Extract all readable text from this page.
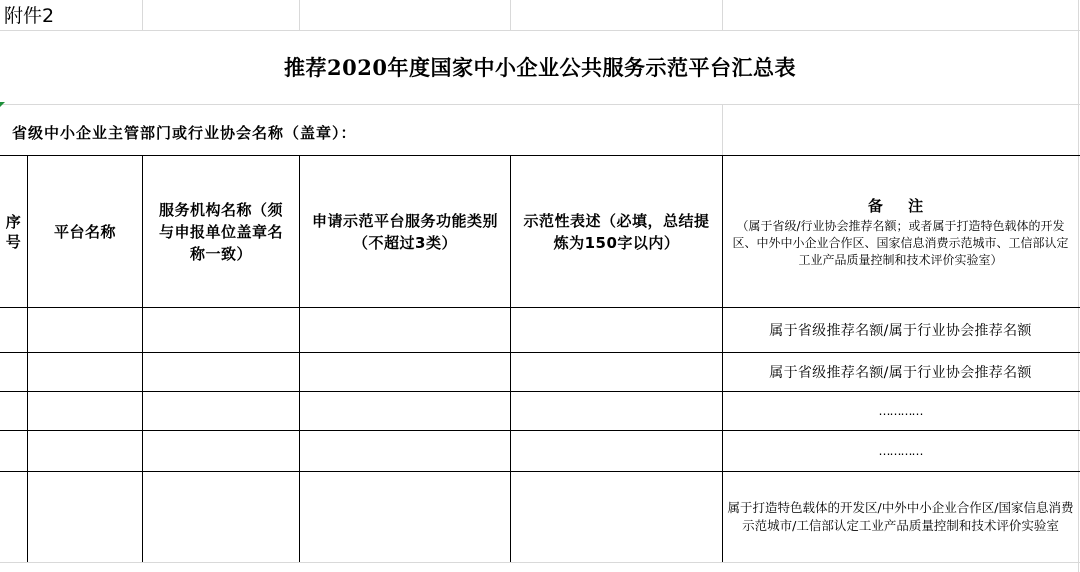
附件2
推荐2020年度国家中小企业公共服务示范平台汇总表
省级中小企业主管部门或行业协会名称（盖章）：
序号
平台名称
服务机构名称（须与申报单位盖章名称一致）
申请示范平台服务功能类别（不超过3类）
示范性表述（必填，总结提炼为150字以内）
备 注
（属于省级/行业协会推荐名额；或者属于打造特色载体的开发区、中外中小企业合作区、国家信息消费示范城市、工信部认定工业产品质量控制和技术评价实验室）
属于省级推荐名额/属于行业协会推荐名额
属于省级推荐名额/属于行业协会推荐名额
…………
…………
属于打造特色载体的开发区/中外中小企业合作区/国家信息消费示范城市/工信部认定工业产品质量控制和技术评价实验室
